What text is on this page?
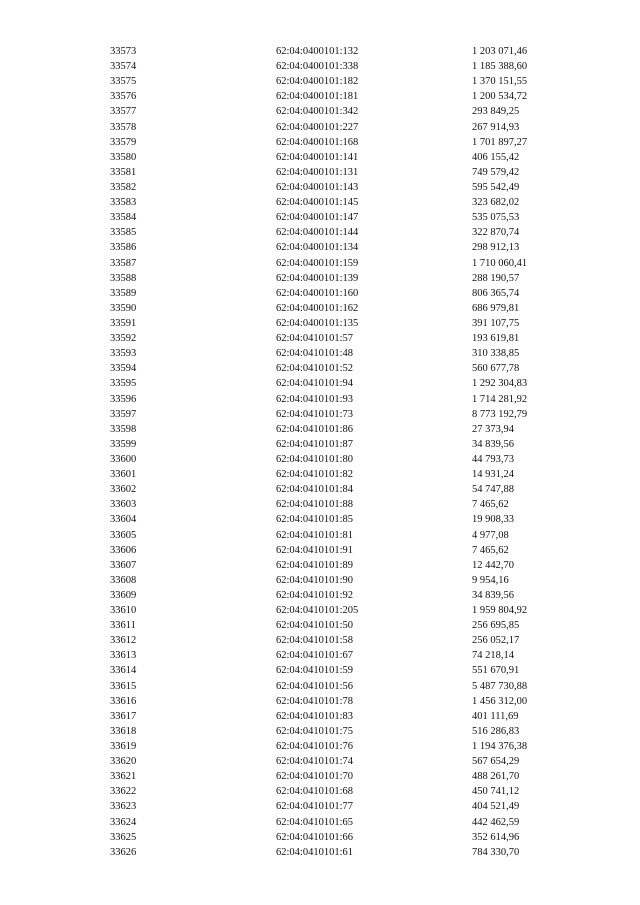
33573	62:04:0400101:132	1 203 071,46
33574	62:04:0400101:338	1 185 388,60
33575	62:04:0400101:182	1 370 151,55
33576	62:04:0400101:181	1 200 534,72
33577	62:04:0400101:342	293 849,25
33578	62:04:0400101:227	267 914,93
33579	62:04:0400101:168	1 701 897,27
33580	62:04:0400101:141	406 155,42
33581	62:04:0400101:131	749 579,42
33582	62:04:0400101:143	595 542,49
33583	62:04:0400101:145	323 682,02
33584	62:04:0400101:147	535 075,53
33585	62:04:0400101:144	322 870,74
33586	62:04:0400101:134	298 912,13
33587	62:04:0400101:159	1 710 060,41
33588	62:04:0400101:139	288 190,57
33589	62:04:0400101:160	806 365,74
33590	62:04:0400101:162	686 979,81
33591	62:04:0400101:135	391 107,75
33592	62:04:0410101:57	193 619,81
33593	62:04:0410101:48	310 338,85
33594	62:04:0410101:52	560 677,78
33595	62:04:0410101:94	1 292 304,83
33596	62:04:0410101:93	1 714 281,92
33597	62:04:0410101:73	8 773 192,79
33598	62:04:0410101:86	27 373,94
33599	62:04:0410101:87	34 839,56
33600	62:04:0410101:80	44 793,73
33601	62:04:0410101:82	14 931,24
33602	62:04:0410101:84	54 747,88
33603	62:04:0410101:88	7 465,62
33604	62:04:0410101:85	19 908,33
33605	62:04:0410101:81	4 977,08
33606	62:04:0410101:91	7 465,62
33607	62:04:0410101:89	12 442,70
33608	62:04:0410101:90	9 954,16
33609	62:04:0410101:92	34 839,56
33610	62:04:0410101:205	1 959 804,92
33611	62:04:0410101:50	256 695,85
33612	62:04:0410101:58	256 052,17
33613	62:04:0410101:67	74 218,14
33614	62:04:0410101:59	551 670,91
33615	62:04:0410101:56	5 487 730,88
33616	62:04:0410101:78	1 456 312,00
33617	62:04:0410101:83	401 111,69
33618	62:04:0410101:75	516 286,83
33619	62:04:0410101:76	1 194 376,38
33620	62:04:0410101:74	567 654,29
33621	62:04:0410101:70	488 261,70
33622	62:04:0410101:68	450 741,12
33623	62:04:0410101:77	404 521,49
33624	62:04:0410101:65	442 462,59
33625	62:04:0410101:66	352 614,96
33626	62:04:0410101:61	784 330,70
